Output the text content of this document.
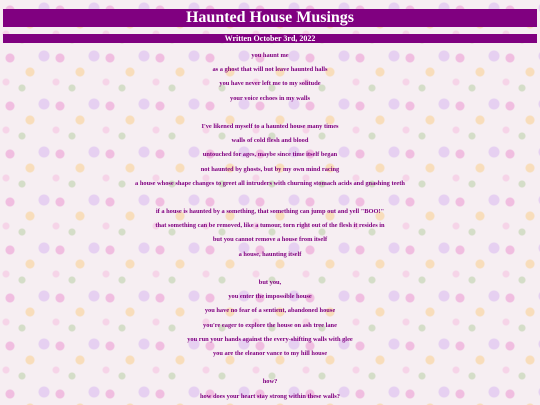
Haunted House Musings
Written October 3rd, 2022
you haunt me
as a ghost that will not leave haunted halls
you have never left me to my solitude
your voice echoes in my walls
I've likened myself to a haunted house many times
walls of cold flesh and blood
untouched for ages, maybe since time itself began
not haunted by ghosts, but by my own mind racing
a house whose shape changes to greet all intruders with churning stomach acids and gnashing teeth
if a house is haunted by a something, that something can jump out and yell "BOO!"
that something can be removed, like a tumour, torn right out of the flesh it resides in
but you cannot remove a house from itself
a house, haunting itself
but you,
you enter the impossible house
you have no fear of a sentient, abandoned house
you're eager to explore the house on ash tree lane
you run your hands against the every-shifting walls with glee
you are the eleanor vance to my hill house
how?
how does your heart stay strong within these walls?
